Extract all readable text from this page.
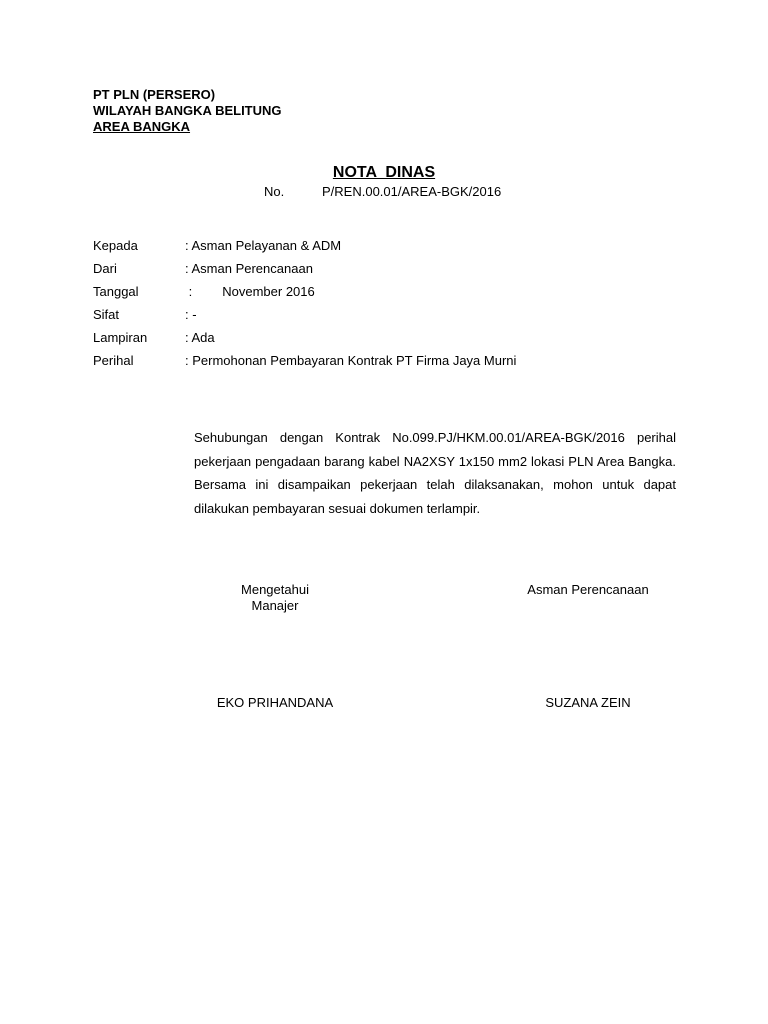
PT PLN (PERSERO)
WILAYAH BANGKA BELITUNG
AREA BANGKA
NOTA  DINAS
No.	P/REN.00.01/AREA-BGK/2016
Kepada	: Asman Pelayanan & ADM
Dari	: Asman Perencanaan
Tanggal	: November 2016
Sifat	: -
Lampiran	: Ada
Perihal	: Permohonan Pembayaran Kontrak PT Firma Jaya Murni
Sehubungan dengan Kontrak No.099.PJ/HKM.00.01/AREA-BGK/2016 perihal pekerjaan pengadaan barang kabel NA2XSY 1x150 mm2 lokasi PLN Area Bangka. Bersama ini disampaikan pekerjaan telah dilaksanakan, mohon untuk dapat dilakukan pembayaran sesuai dokumen terlampir.
Mengetahui
Manajer
Asman Perencanaan
EKO PRIHANDANA	SUZANA ZEIN
